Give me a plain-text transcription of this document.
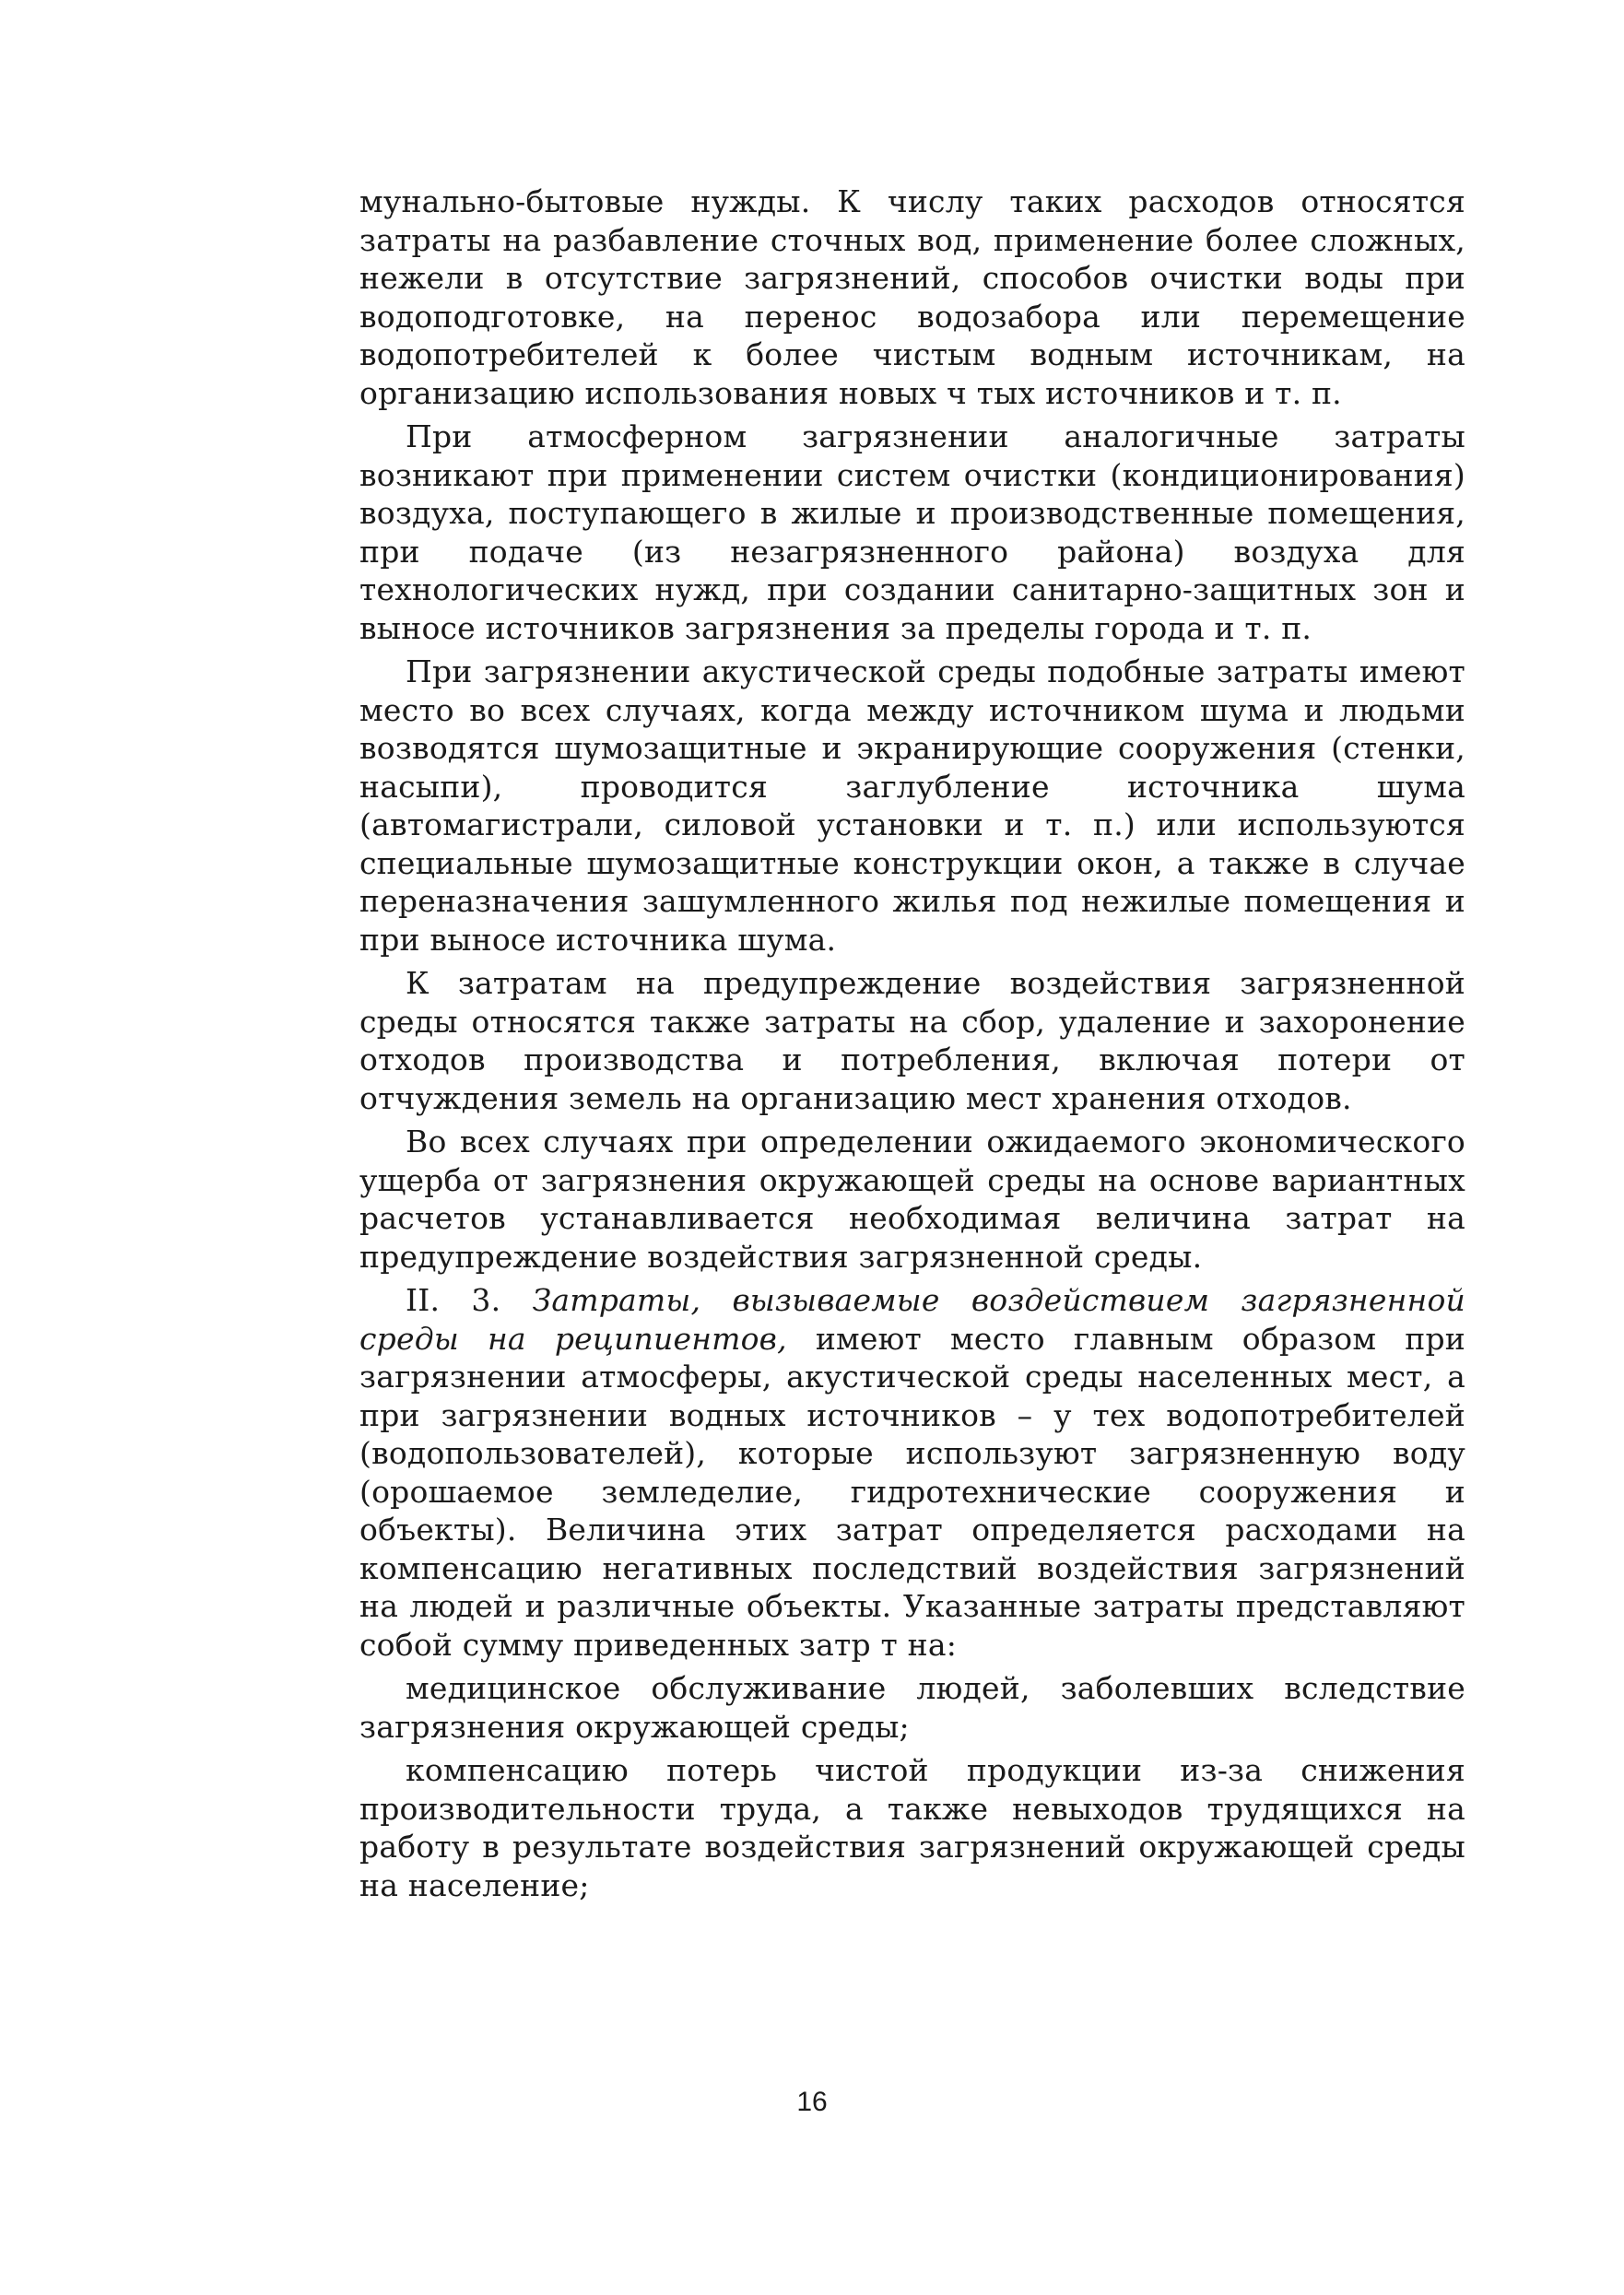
мунально-бытовые нужды. К числу таких расходов относятся затраты на разбавление сточных вод, применение более сложных, нежели в отсутствие загрязнений, способов очистки воды при водоподготовке, на перенос водозабора или перемещение водопотребителей к более чистым водным источникам, на организацию использования новых ч тых источников и т. п.

При атмосферном загрязнении аналогичные затраты возникают при применении систем очистки (кондиционирования) воздуха, поступающего в жилые и производственные помещения, при подаче (из незагрязненного района) воздуха для технологических нужд, при создании санитарно-защитных зон и выносе источников загрязнения за пределы города и т. п.

При загрязнении акустической среды подобные затраты имеют место во всех случаях, когда между источником шума и людьми возводятся шумозащитные и экранирующие сооружения (стенки, насыпи), проводится заглубление источника шума (автомагистрали, силовой установки и т. п.) или используются специальные шумозащитные конструкции окон, а также в случае переназначения зашумленного жилья под нежилые помещения и при выносе источника шума.

К затратам на предупреждение воздействия загрязненной среды относятся также затраты на сбор, удаление и захоронение отходов производства и потребления, включая потери от отчуждения земель на организацию мест хранения отходов.

Во всех случаях при определении ожидаемого экономического ущерба от загрязнения окружающей среды на основе вариантных расчетов устанавливается необходимая величина затрат на предупреждение воздействия загрязненной среды.

II. 3. Затраты, вызываемые воздействием загрязненной среды на реципиентов, имеют место главным образом при загрязнении атмосферы, акустической среды населенных мест, а при загрязнении водных источников – у тех водопотребителей (водопользователей), которые используют загрязненную воду (орошаемое земледелие, гидротехнические сооружения и объекты). Величина этих затрат определяется расходами на компенсацию негативных последствий воздействия загрязнений на людей и различные объекты. Указанные затраты представляют собой сумму приведенных затр т на:

медицинское обслуживание людей, заболевших вследствие загрязнения окружающей среды;

компенсацию потерь чистой продукции из-за снижения производительности труда, а также невыходов трудящихся на работу в результате воздействия загрязнений окружающей среды на население;

16
